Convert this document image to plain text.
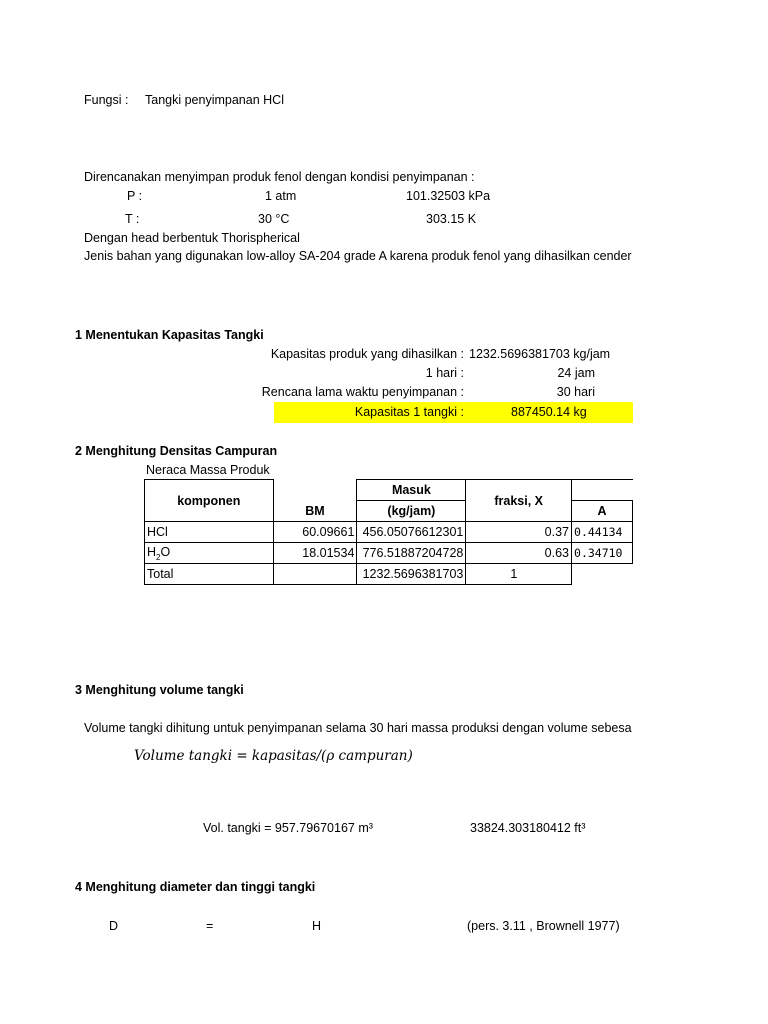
Fungsi : Tangki penyimpanan HCl
Direncanakan menyimpan produk fenol dengan kondisi penyimpanan :
P :	1 atm	101.32503 kPa
T :	30 °C	303.15 K
Dengan head berbentuk Thorispherical
Jenis bahan yang digunakan low-alloy SA-204 grade A karena produk fenol yang dihasilkan cender
1 Menentukan Kapasitas Tangki
Kapasitas produk yang dihasilkan : 1232.5696381703 kg/jam
1 hari :	24 jam
Rencana lama waktu penyimpanan :	30 hari
Kapasitas 1 tangki :	887450.14 kg
2 Menghitung Densitas Campuran
Neraca Massa Produk
komponen		Masuk	fraksi, X	
	BM	(kg/jam)		A
HCl	60.09661	456.05076612301	0.37	0.44134
$H_2O$	18.01534	776.51887204728	0.63	0.34710
Total		1232.5696381703	1	
3 Menghitung volume tangki
Volume tangki dihitung untuk penyimpanan selama 30 hari massa produksi dengan volume sebesa
Volume tangki = kapasitas/(ρ campuran)
Vol. tangki = 957.79670167 m³	33824.303180412 ft³
4 Menghitung diameter dan tinggi tangki
D	=	H	(pers. 3.11 , Brownell 1977)
